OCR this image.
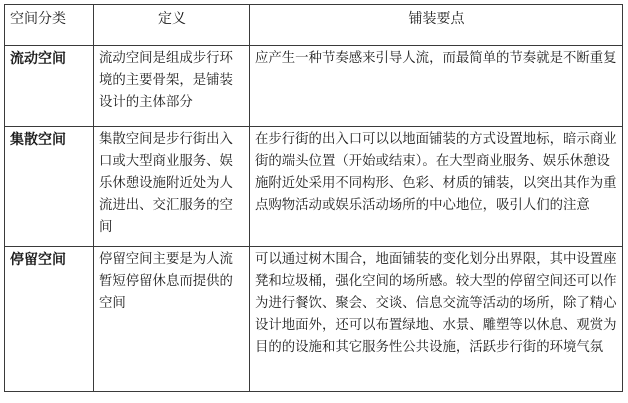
空间分类	定义	铺装要点
流动空间	流动空间是组成步行环境的主要骨架，是铺装设计的主体部分	应产生一种节奏感来引导人流，而最简单的节奏就是不断重复
集散空间	集散空间是步行街出入口或大型商业服务、娱乐休憩设施附近处为人流进出、交汇服务的空间	在步行街的出入口可以以地面铺装的方式设置地标，暗示商业街的端头位置（开始或结束）。在大型商业服务、娱乐休憩设施附近处采用不同构形、色彩、材质的铺装，以突出其作为重点购物活动或娱乐活动场所的中心地位，吸引人们的注意
停留空间	停留空间主要是为人流暂短停留休息而提供的空间	可以通过树木围合，地面铺装的变化划分出界限，其中设置座凳和垃圾桶，强化空间的场所感。较大型的停留空间还可以作为进行餐饮、聚会、交谈、信息交流等活动的场所，除了精心设计地面外，还可以布置绿地、水景、雕塑等以休息、观赏为目的的设施和其它服务性公共设施，活跃步行街的环境气氛
